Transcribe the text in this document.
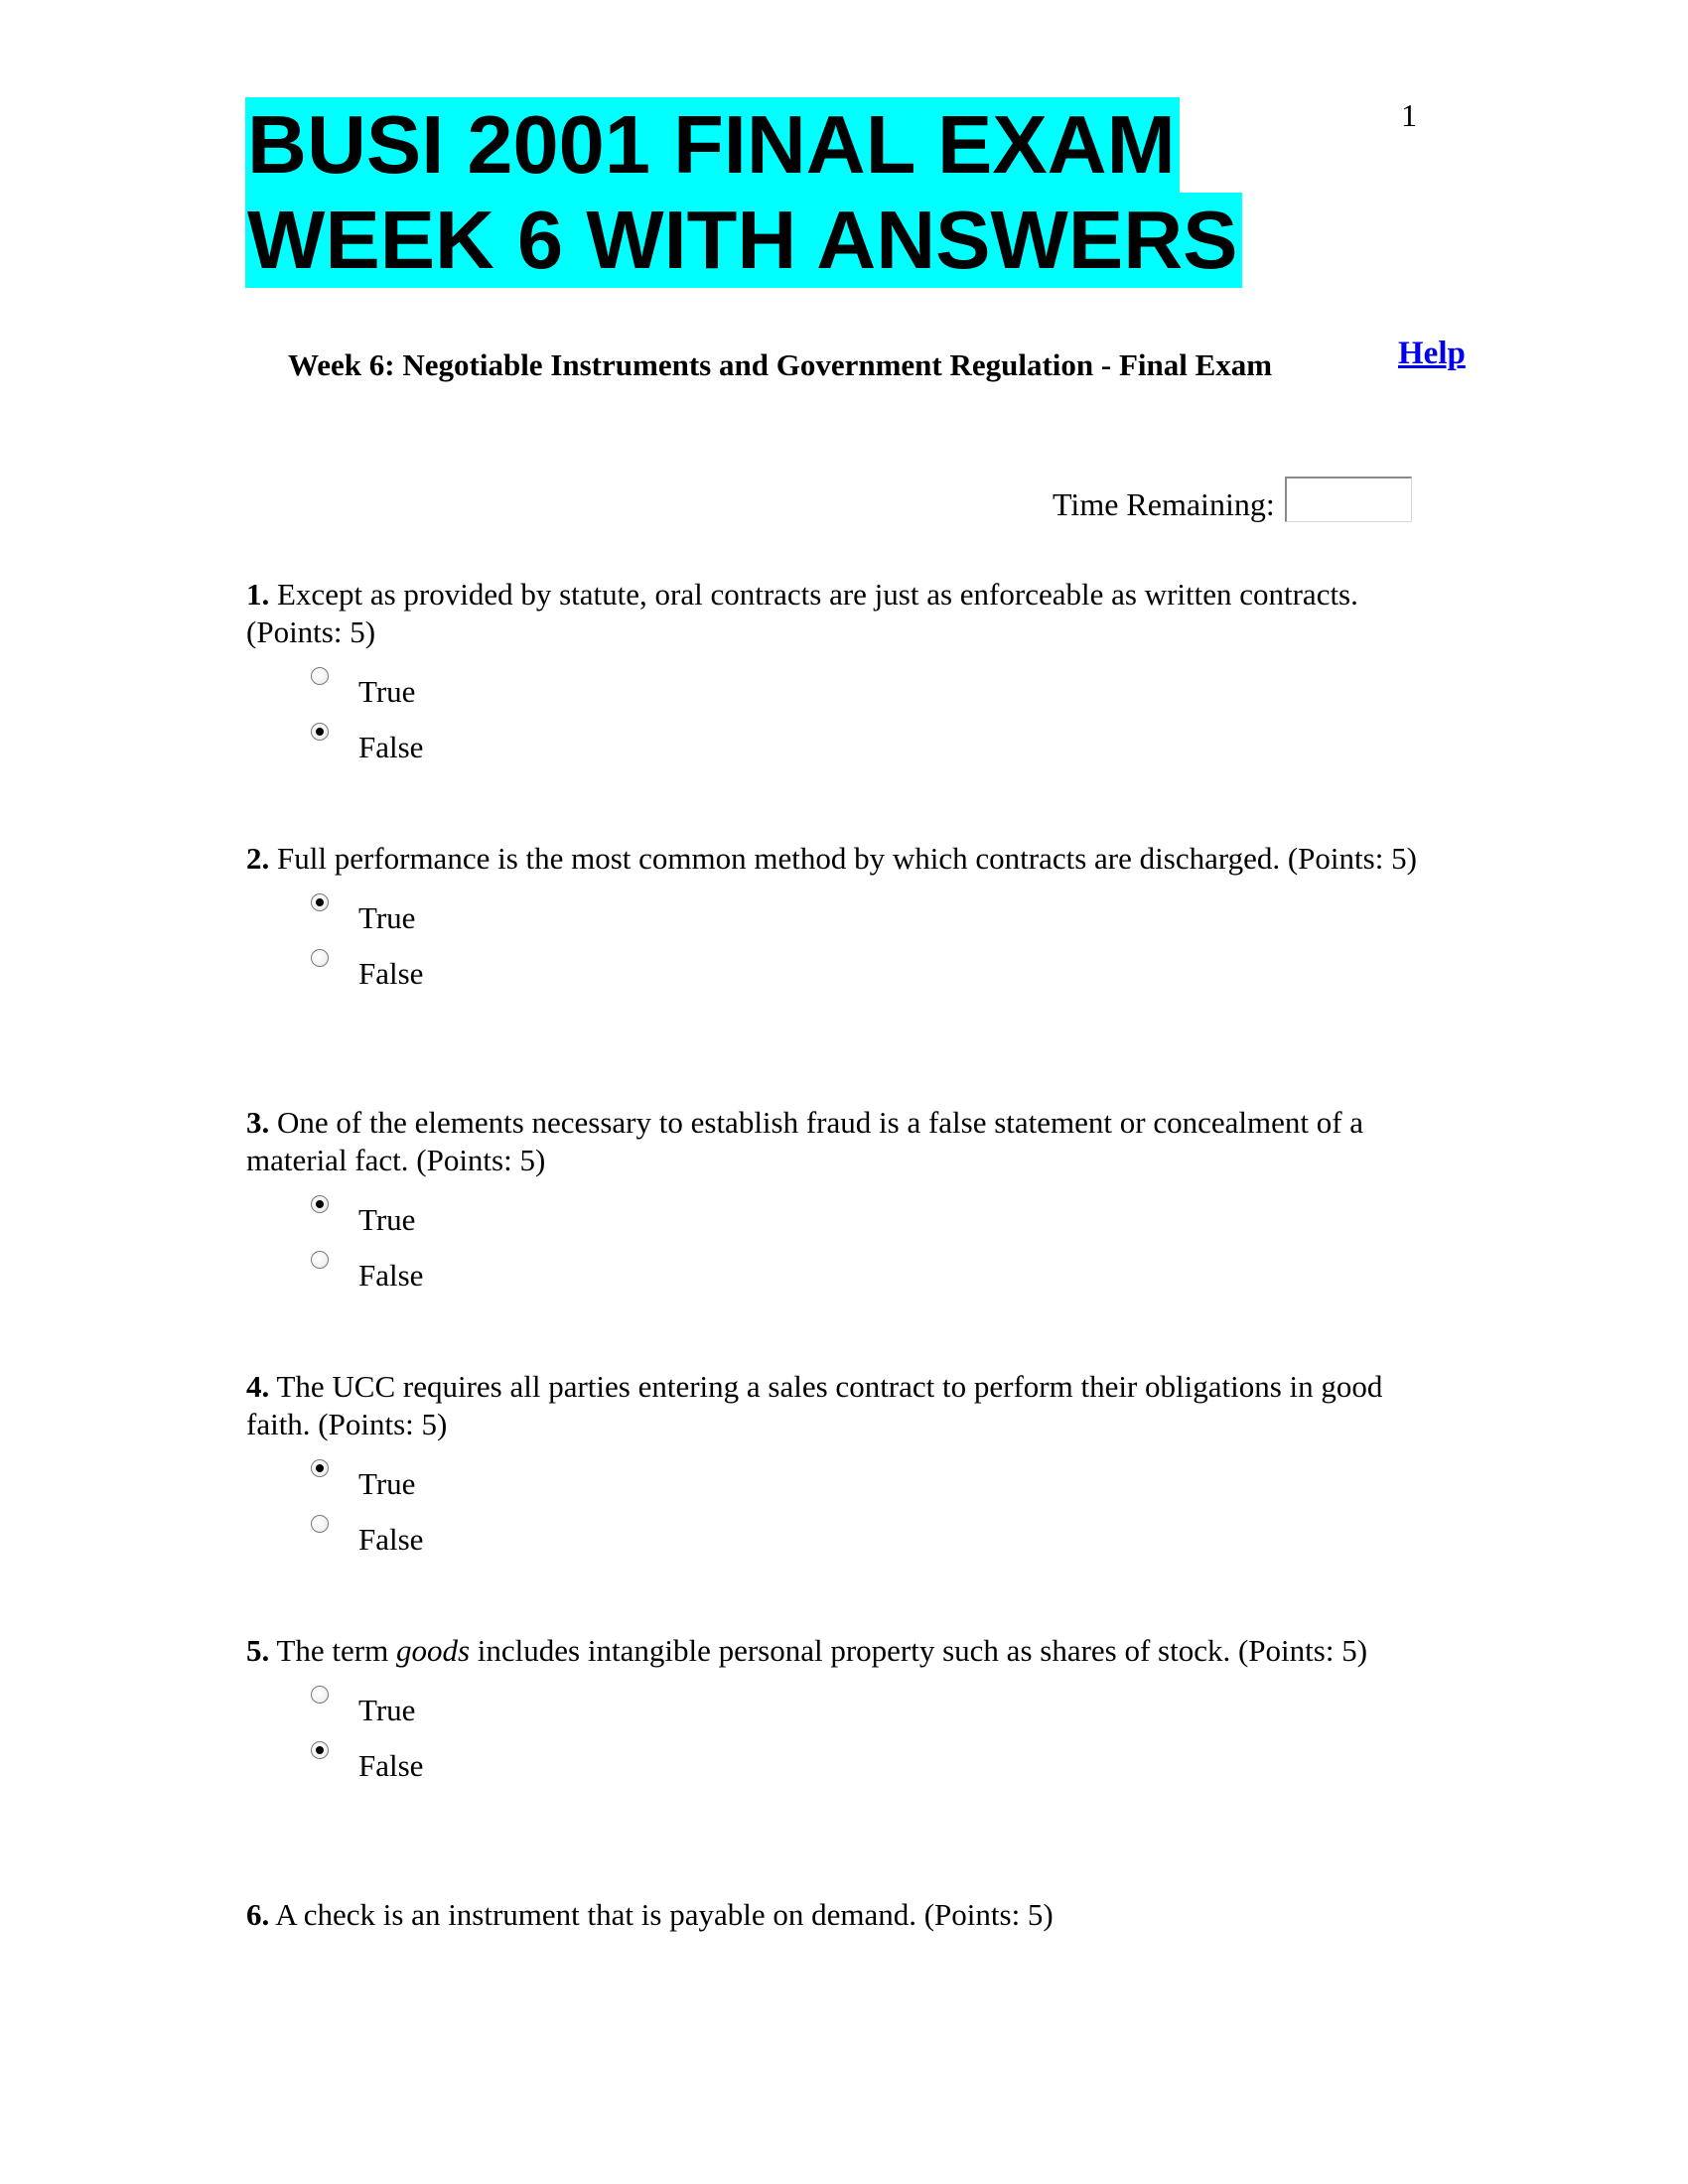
1
BUSI 2001 FINAL EXAM
WEEK 6 WITH ANSWERS
Week 6: Negotiable Instruments and Government Regulation - Final Exam	Help
Time Remaining:

1. Except as provided by statute, oral contracts are just as enforceable as written contracts. (Points: 5)

True
False

2. Full performance is the most common method by which contracts are discharged. (Points: 5)

True
False

3. One of the elements necessary to establish fraud is a false statement or concealment of a material fact. (Points: 5)

True
False

4. The UCC requires all parties entering a sales contract to perform their obligations in good faith. (Points: 5)

True
False

5. The term goods includes intangible personal property such as shares of stock. (Points: 5)

True
False

6. A check is an instrument that is payable on demand. (Points: 5)
